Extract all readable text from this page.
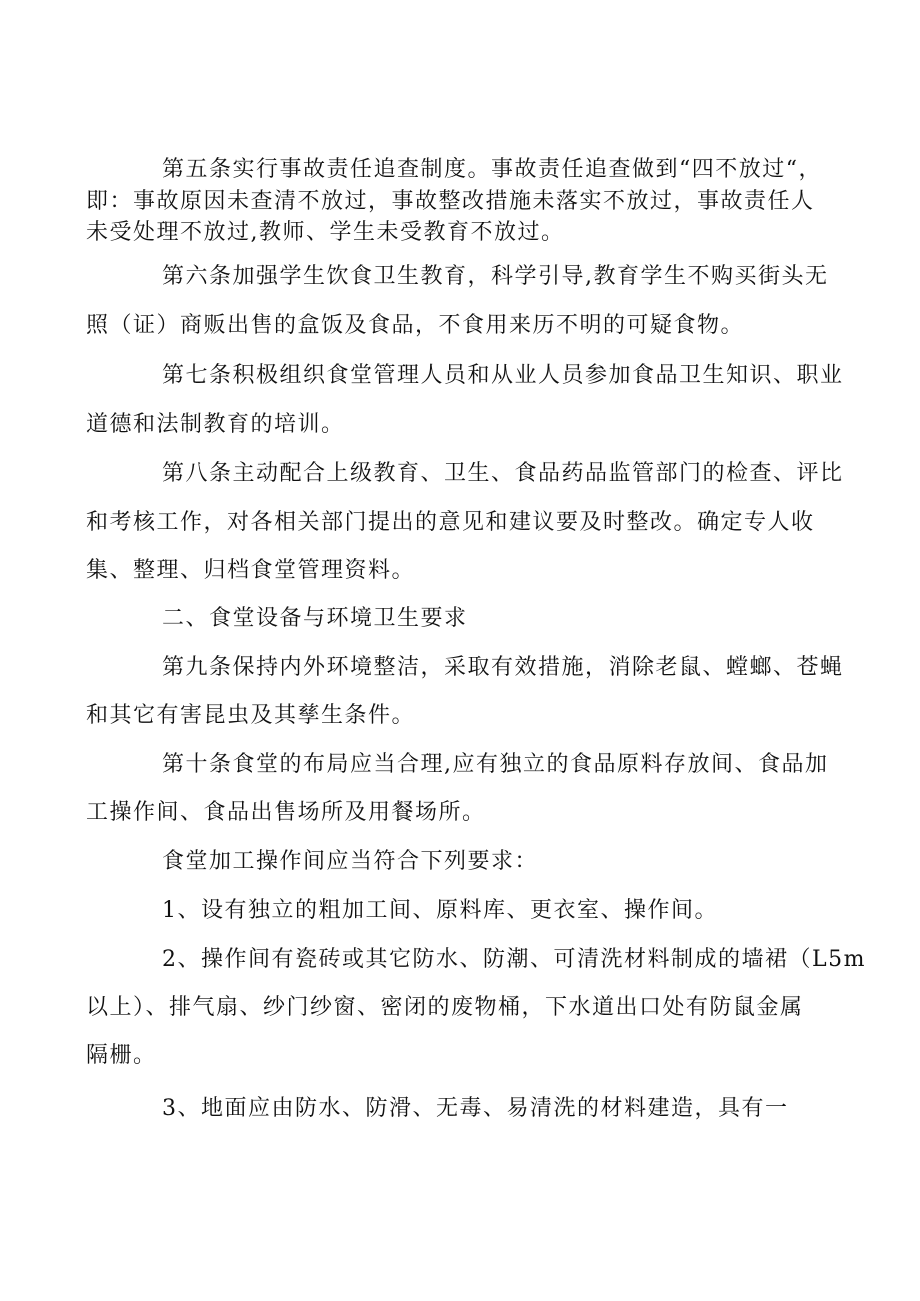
第五条实行事故责任追查制度。事故责任追查做到“四不放过“，
即：事故原因未查清不放过，事故整改措施未落实不放过，事故责任人
未受处理不放过,教师、学生未受教育不放过。
第六条加强学生饮食卫生教育，科学引导,教育学生不购买街头无
照（证）商贩出售的盒饭及食品，不食用来历不明的可疑食物。
第七条积极组织食堂管理人员和从业人员参加食品卫生知识、职业
道德和法制教育的培训。
第八条主动配合上级教育、卫生、食品药品监管部门的检查、评比
和考核工作，对各相关部门提出的意见和建议要及时整改。确定专人收
集、整理、归档食堂管理资料。
二、食堂设备与环境卫生要求
第九条保持内外环境整洁，采取有效措施，消除老鼠、螳螂、苍蝇
和其它有害昆虫及其孳生条件。
第十条食堂的布局应当合理,应有独立的食品原料存放间、食品加
工操作间、食品出售场所及用餐场所。
食堂加工操作间应当符合下列要求：
1、设有独立的粗加工间、原料库、更衣室、操作间。
2、操作间有瓷砖或其它防水、防潮、可清洗材料制成的墙裙（L5m
以上）、排气扇、纱门纱窗、密闭的废物桶，下水道出口处有防鼠金属
隔栅。
3、地面应由防水、防滑、无毒、易清洗的材料建造，具有一
